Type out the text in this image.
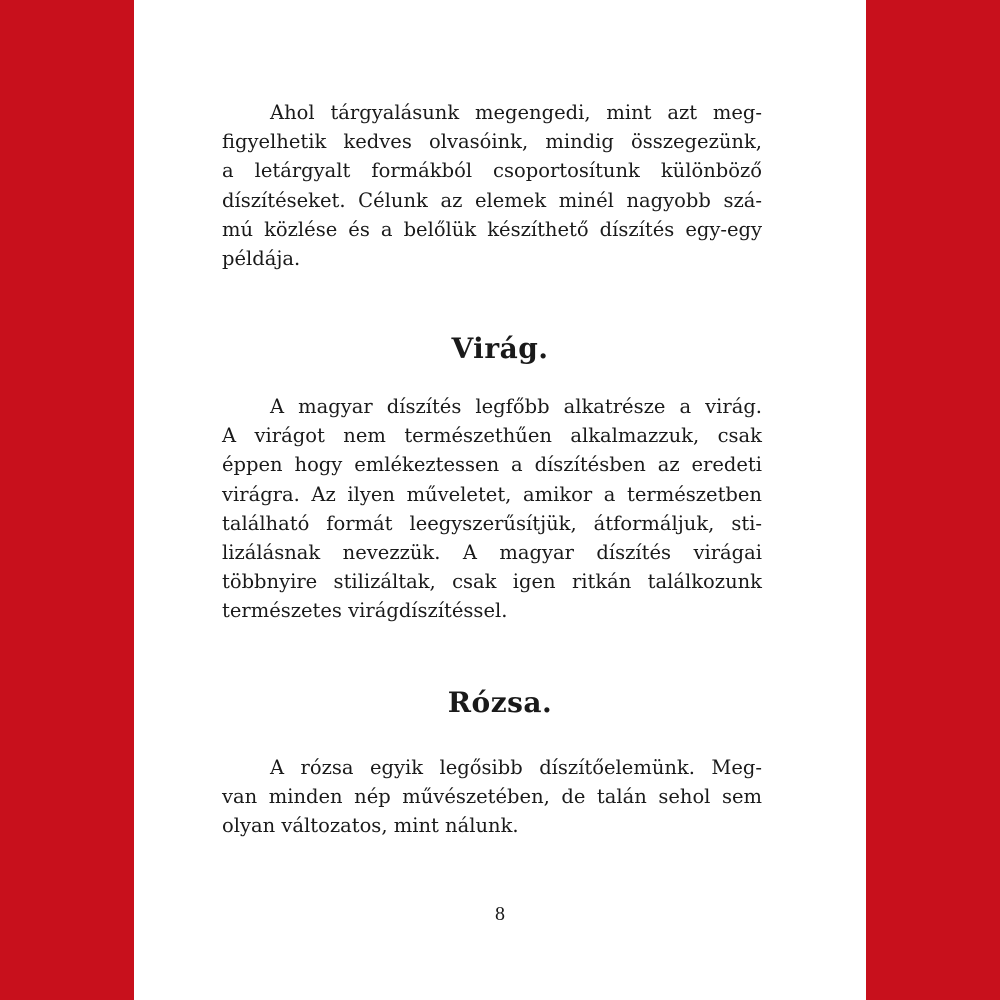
Ahol tárgyalásunk megengedi, mint azt meg-
figyelhetik kedves olvasóink, mindig összegezünk,
a letárgyalt formákból csoportosítunk különböző
díszítéseket. Célunk az elemek minél nagyobb szá-
mú közlése és a belőlük készíthető díszítés egy-egy
példája.
Virág.
A magyar díszítés legfőbb alkatrésze a virág.
A virágot nem természethűen alkalmazzuk, csak
éppen hogy emlékeztessen a díszítésben az eredeti
virágra. Az ilyen műveletet, amikor a természetben
található formát leegyszerűsítjük, átformáljuk, sti-
lizálásnak nevezzük. A magyar díszítés virágai
többnyire stilizáltak, csak igen ritkán találkozunk
természetes virágdíszítéssel.
Rózsa.
A rózsa egyik legősibb díszítőelemünk. Meg-
van minden nép művészetében, de talán sehol sem
olyan változatos, mint nálunk.
8
